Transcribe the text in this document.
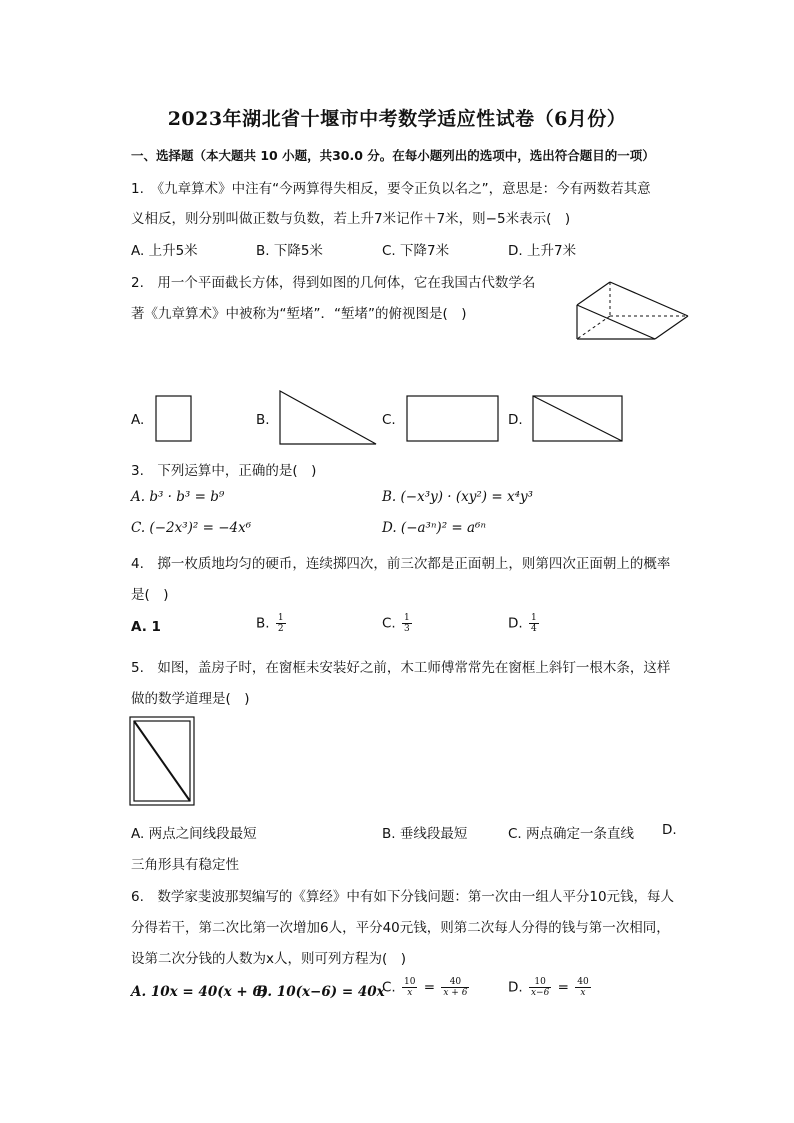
2023年湖北省十堰市中考数学适应性试卷（6月份）
一、选择题（本大题共 10 小题，共30.0 分。在每小题列出的选项中，选出符合题目的一项）
1.　《九章算术》中注有“今两算得失相反，要令正负以名之”，意思是：今有两数若其意
义相反，则分别叫做正数与负数，若上升7米记作＋7米，则−5米表示(　)
A. 上升5米	B. 下降5米	C. 下降7米	D. 上升7米
2.　用一个平面截长方体，得到如图的几何体，它在我国古代数学名
著《九章算术》中被称为“堑堵”．“堑堵”的俯视图是(　)
A.	B.	C.	D.
3.　下列运算中，正确的是(　)
A. b³ · b³ = b⁹	B. (−x³y) · (xy²) = x⁴y³
C. (−2x³)² = −4x⁶	D. (−a³ⁿ)² = a⁶ⁿ
4.　掷一枚质地均匀的硬币，连续掷四次，前三次都是正面朝上，则第四次正面朝上的概率
是(　)
A. 1	B. $\frac{1}{2}$	C. $\frac{1}{3}$	D. $\frac{1}{4}$
5.　如图，盖房子时，在窗框未安装好之前，木工师傅常常先在窗框上斜钉一根木条，这样
做的数学道理是(　)
A. 两点之间线段最短	B. 垂线段最短	C. 两点确定一条直线 D.
三角形具有稳定性
6.　数学家斐波那契编写的《算经》中有如下分钱问题：第一次由一组人平分10元钱，每人
分得若干，第二次比第一次增加6人，平分40元钱，则第二次每人分得的钱与第一次相同，
设第二次分钱的人数为x人，则可列方程为(　)
A. 10x = 40(x + 6)
B. 10(x−6) = 40x
C. $\frac{10}{x} = \frac{40}{x + 6}$	D. $\frac{10}{x-6} = \frac{40}{x}$
